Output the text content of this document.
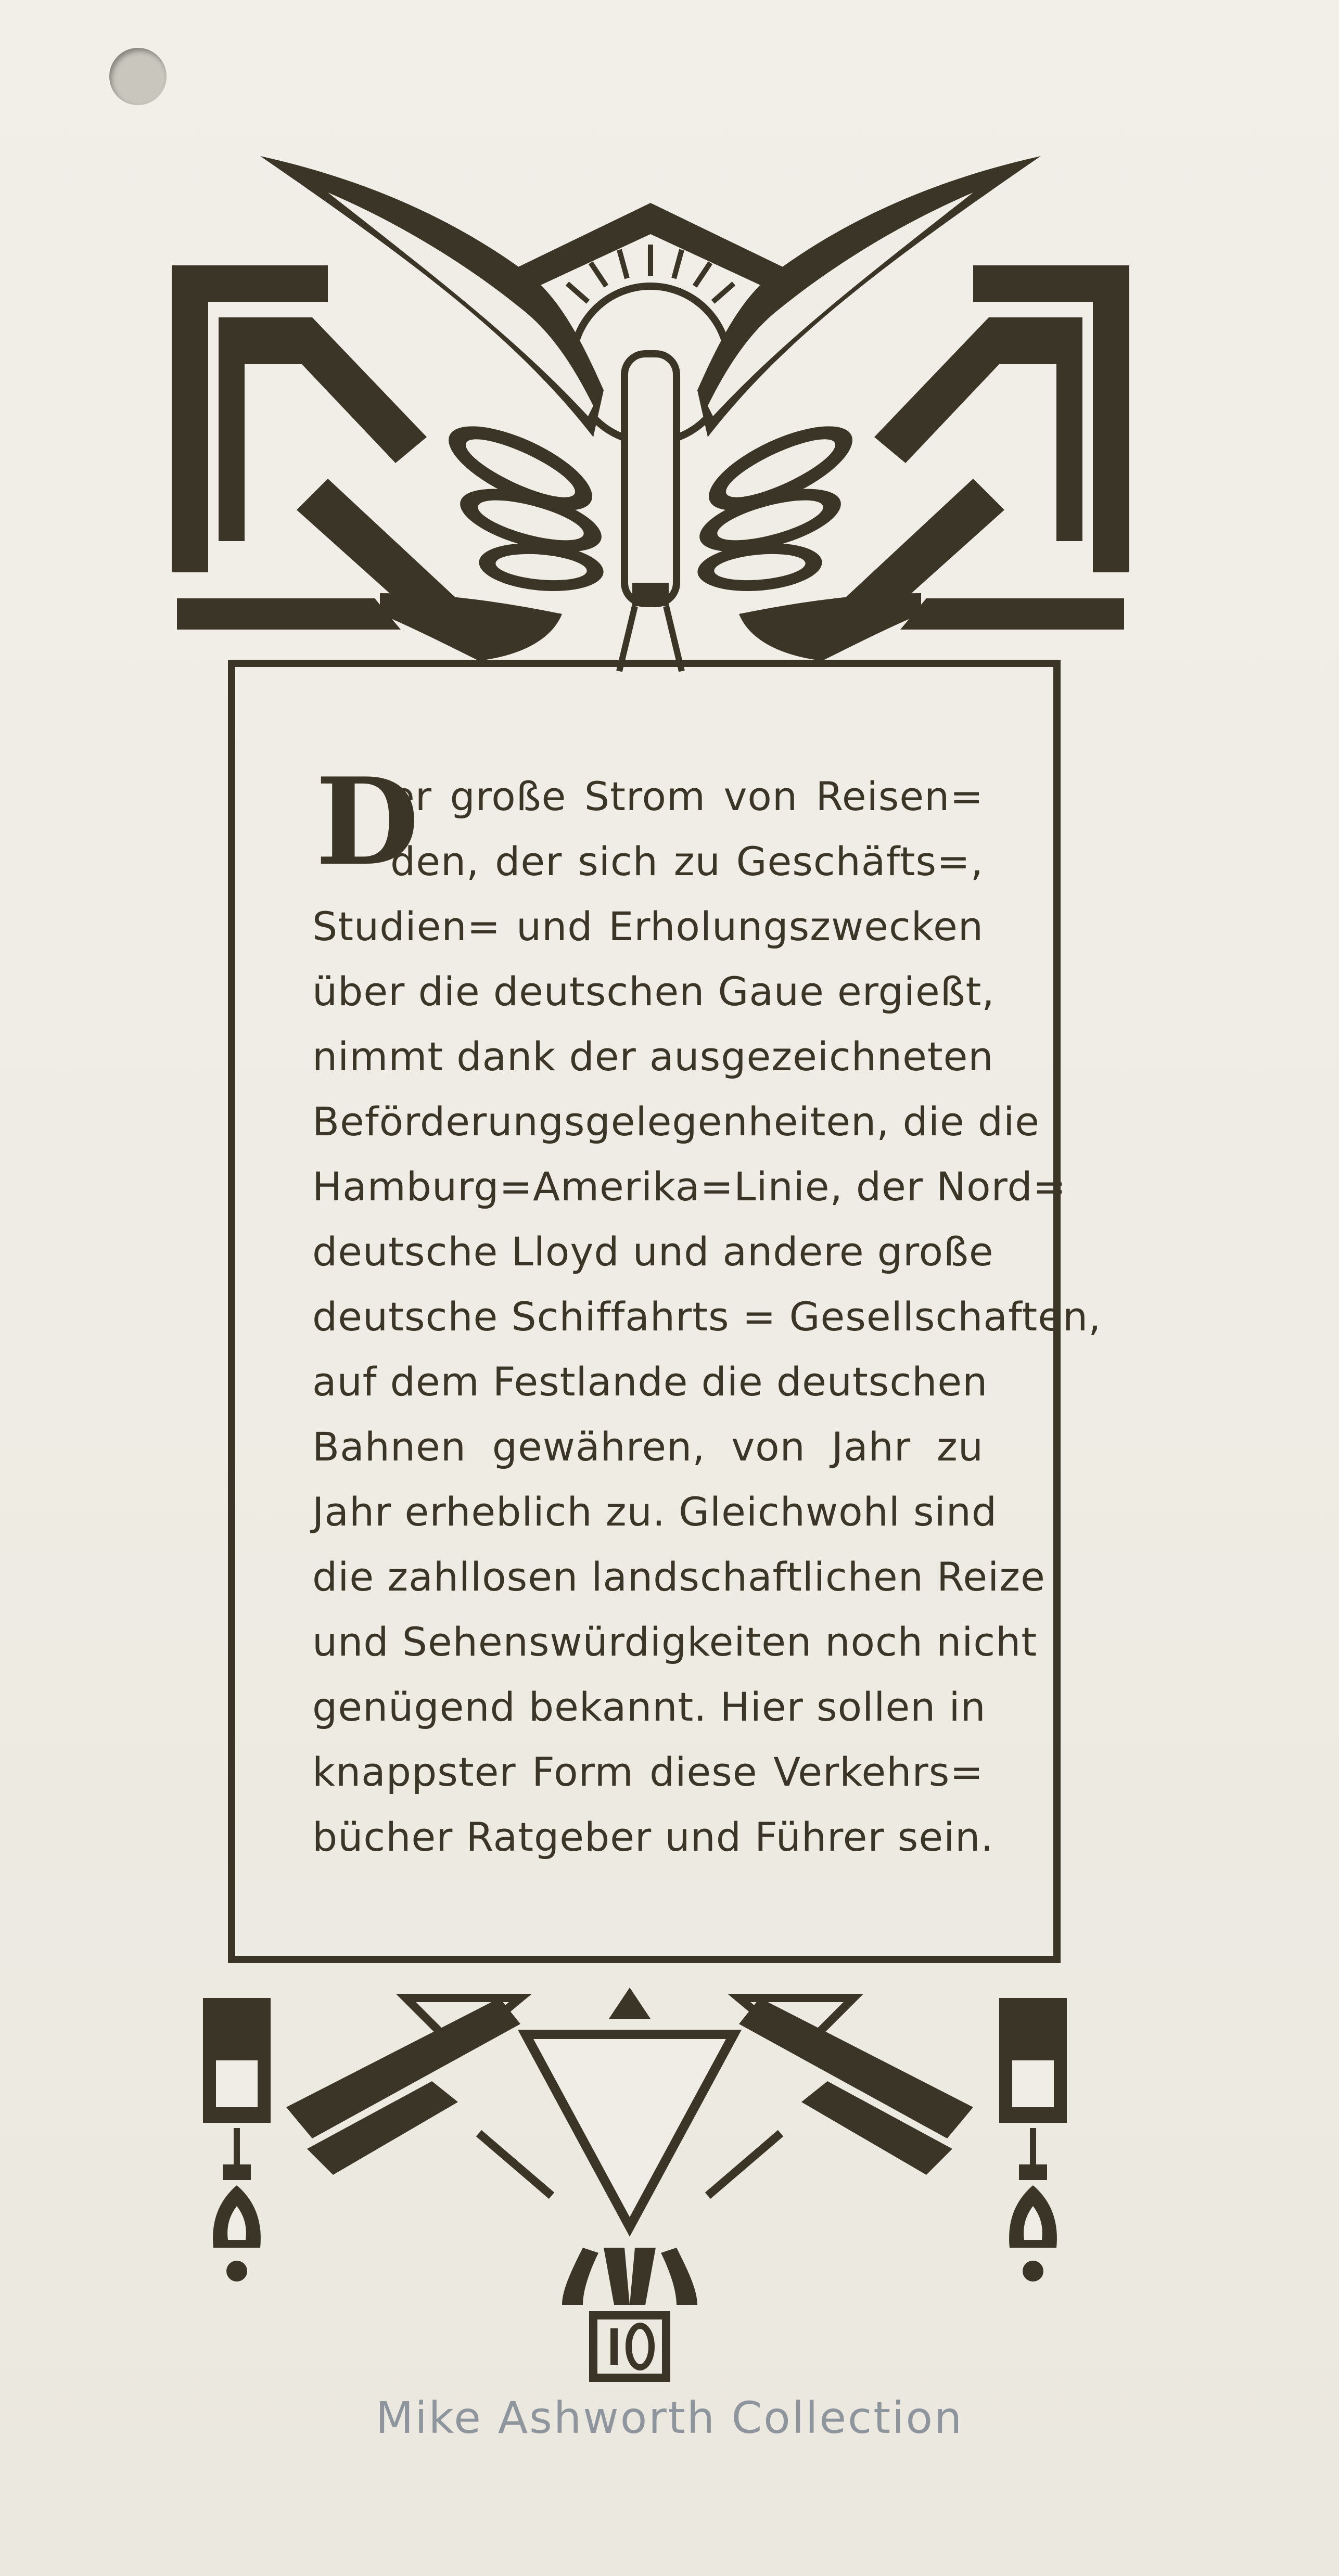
D
er große Strom von Reisen=
den, der sich zu Geschäfts=,
Studien= und Erholungszwecken
über die deutschen Gaue ergießt,
nimmt dank der ausgezeichneten
Beförderungsgelegenheiten, die die
Hamburg=Amerika=Linie, der Nord=
deutsche Lloyd und andere große
deutsche Schiffahrts = Gesellschaften,
auf dem Festlande die deutschen
Bahnen gewähren, von Jahr zu
Jahr erheblich zu. Gleichwohl sind
die zahllosen landschaftlichen Reize
und Sehenswürdigkeiten noch nicht
genügend bekannt. Hier sollen in
knappster Form diese Verkehrs=
bücher Ratgeber und Führer sein.
Mike Ashworth Collection
